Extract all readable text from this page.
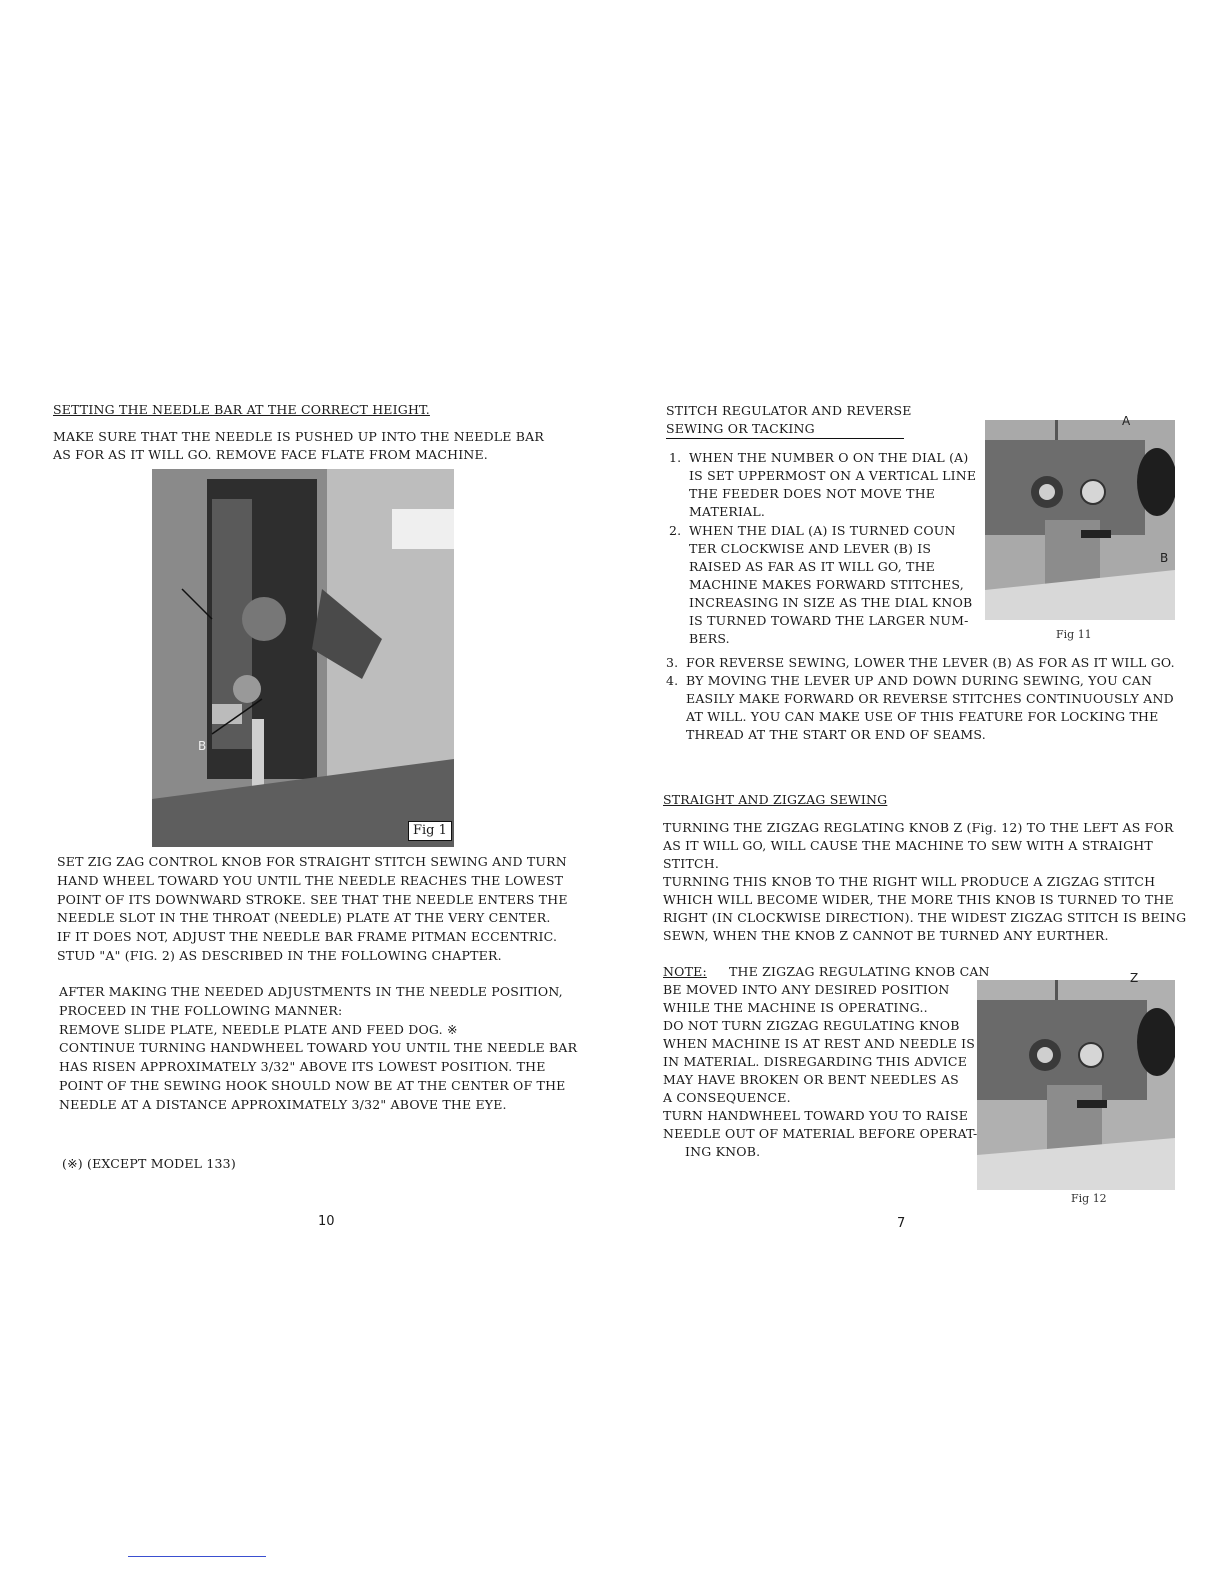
SETTING THE NEEDLE BAR AT THE CORRECT HEIGHT.
MAKE SURE THAT THE NEEDLE IS PUSHED UP INTO THE NEEDLE BAR
AS FOR AS IT WILL GO. REMOVE FACE FLATE FROM MACHINE.
B
Fig 1
SET ZIG ZAG CONTROL KNOB FOR STRAIGHT STITCH SEWING AND TURN
HAND WHEEL TOWARD YOU UNTIL THE NEEDLE REACHES THE LOWEST
POINT OF ITS DOWNWARD STROKE. SEE THAT THE NEEDLE ENTERS THE
NEEDLE SLOT IN THE THROAT (NEEDLE) PLATE AT THE VERY CENTER.
IF IT DOES NOT, ADJUST THE NEEDLE BAR FRAME PITMAN ECCENTRIC.
STUD "A" (FIG. 2) AS DESCRIBED IN THE FOLLOWING CHAPTER.
AFTER MAKING THE NEEDED ADJUSTMENTS IN THE NEEDLE POSITION,
PROCEED IN THE FOLLOWING MANNER:
REMOVE SLIDE PLATE, NEEDLE PLATE AND FEED DOG. ※
CONTINUE TURNING HANDWHEEL TOWARD YOU UNTIL THE NEEDLE BAR
HAS RISEN APPROXIMATELY 3/32" ABOVE ITS LOWEST POSITION. THE
POINT OF THE SEWING HOOK SHOULD NOW BE AT THE CENTER OF THE
NEEDLE AT A DISTANCE APPROXIMATELY 3/32" ABOVE THE EYE.
(※) (EXCEPT MODEL 133)
10
STITCH REGULATOR AND REVERSE
SEWING OR TACKING
1. WHEN THE NUMBER O ON THE DIAL (A)
IS SET UPPERMOST ON A VERTICAL LINE
THE FEEDER DOES NOT MOVE THE
MATERIAL.
2. WHEN THE DIAL (A) IS TURNED COUN
TER CLOCKWISE AND LEVER (B) IS
RAISED AS FAR AS IT WILL GO, THE
MACHINE MAKES FORWARD STITCHES,
INCREASING IN SIZE AS THE DIAL KNOB
IS TURNED TOWARD THE LARGER NUM-
BERS.
A
B
Fig 11
3. FOR REVERSE SEWING, LOWER THE LEVER (B) AS FOR AS IT WILL GO.
4. BY MOVING THE LEVER UP AND DOWN DURING SEWING, YOU CAN
EASILY MAKE FORWARD OR REVERSE STITCHES CONTINUOUSLY AND
AT WILL. YOU CAN MAKE USE OF THIS FEATURE FOR LOCKING THE
THREAD AT THE START OR END OF SEAMS.
STRAIGHT AND ZIGZAG SEWING
TURNING THE ZIGZAG REGLATING KNOB Z (Fig. 12) TO THE LEFT AS FOR
AS IT WILL GO, WILL CAUSE THE MACHINE TO SEW WITH A STRAIGHT
STITCH.
TURNING THIS KNOB TO THE RIGHT WILL PRODUCE A ZIGZAG STITCH
WHICH WILL BECOME WIDER, THE MORE THIS KNOB IS TURNED TO THE
RIGHT (IN CLOCKWISE DIRECTION). THE WIDEST ZIGZAG STITCH IS BEING
SEWN, WHEN THE KNOB Z CANNOT BE TURNED ANY EURTHER.
NOTE: THE ZIGZAG REGULATING KNOB CAN
BE MOVED INTO ANY DESIRED POSITION
WHILE THE MACHINE IS OPERATING..
DO NOT TURN ZIGZAG REGULATING KNOB
WHEN MACHINE IS AT REST AND NEEDLE IS
IN MATERIAL. DISREGARDING THIS ADVICE
MAY HAVE BROKEN OR BENT NEEDLES AS
A CONSEQUENCE.
TURN HANDWHEEL TOWARD YOU TO RAISE
NEEDLE OUT OF MATERIAL BEFORE OPERAT-
ING KNOB.
Z
Fig 12
7
